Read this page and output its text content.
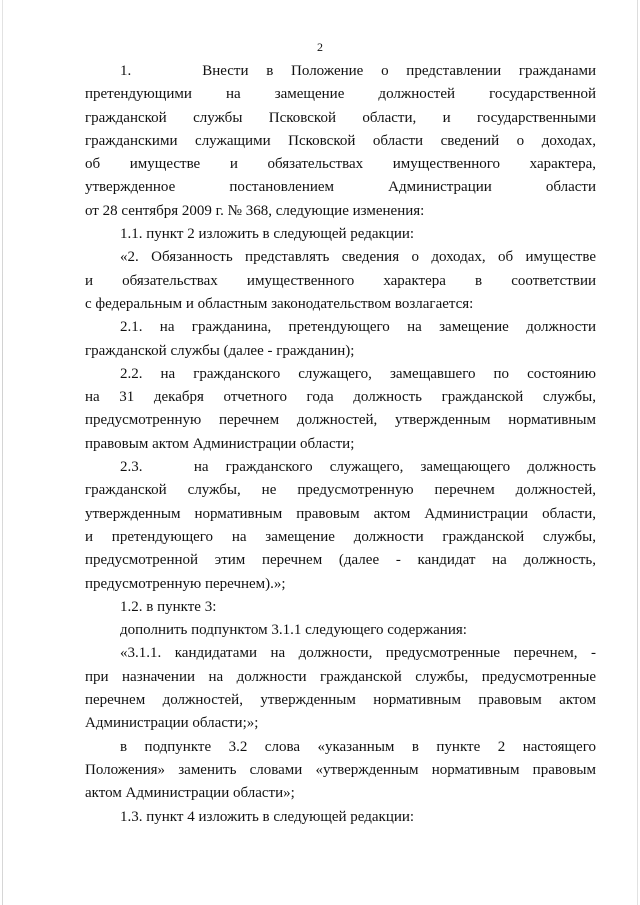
2
1.    Внести в Положение о представлении гражданами
претендующими на замещение должностей государственной
гражданской службы Псковской области, и государственными
гражданскими служащими Псковской области сведений о доходах,
об имуществе и обязательствах имущественного характера,
утвержденное постановлением Администрации области
от 28 сентября 2009 г. № 368, следующие изменения:
1.1. пункт 2 изложить в следующей редакции:
«2. Обязанность представлять сведения о доходах, об имуществе
и обязательствах имущественного характера в соответствии
с федеральным и областным законодательством возлагается:
2.1. на гражданина, претендующего на замещение должности
гражданской службы (далее - гражданин);
2.2. на гражданского служащего, замещавшего по состоянию
на 31 декабря отчетного года должность гражданской службы,
предусмотренную перечнем должностей, утвержденным нормативным
правовым актом Администрации области;
2.3.   на гражданского служащего, замещающего должность
гражданской службы, не предусмотренную перечнем должностей,
утвержденным нормативным правовым актом Администрации области,
и претендующего на замещение должности гражданской службы,
предусмотренной этим перечнем (далее - кандидат на должность,
предусмотренную перечнем).»;
1.2. в пункте 3:
дополнить подпунктом 3.1.1 следующего содержания:
«3.1.1. кандидатами на должности, предусмотренные перечнем, -
при назначении на должности гражданской службы, предусмотренные
перечнем должностей, утвержденным нормативным правовым актом
Администрации области;»;
в подпункте 3.2 слова «указанным в пункте 2 настоящего
Положения» заменить словами «утвержденным нормативным правовым
актом Администрации области»;
1.3. пункт 4 изложить в следующей редакции:
